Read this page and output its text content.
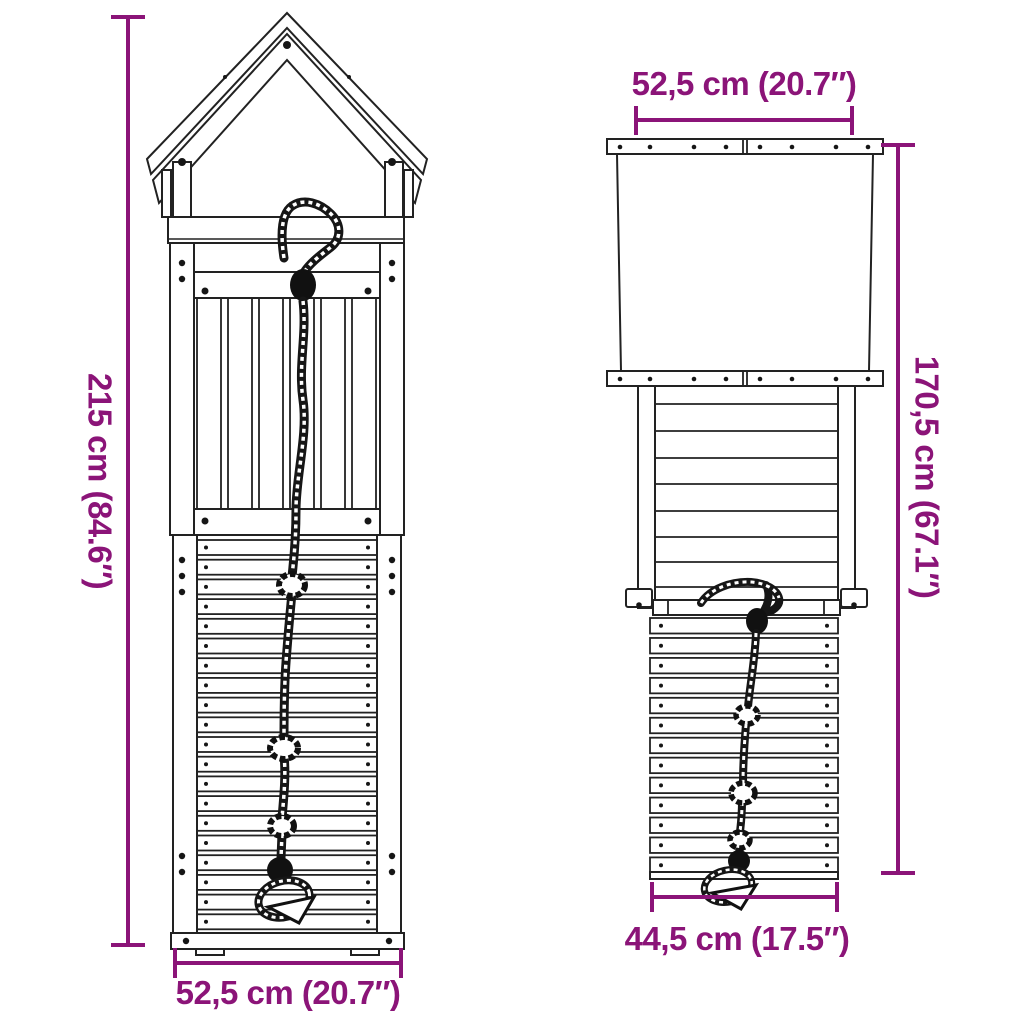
215 cm (84.6″)
52,5 cm (20.7″)
52,5 cm (20.7″)
170,5 cm (67.1″)
44,5 cm (17.5″)
